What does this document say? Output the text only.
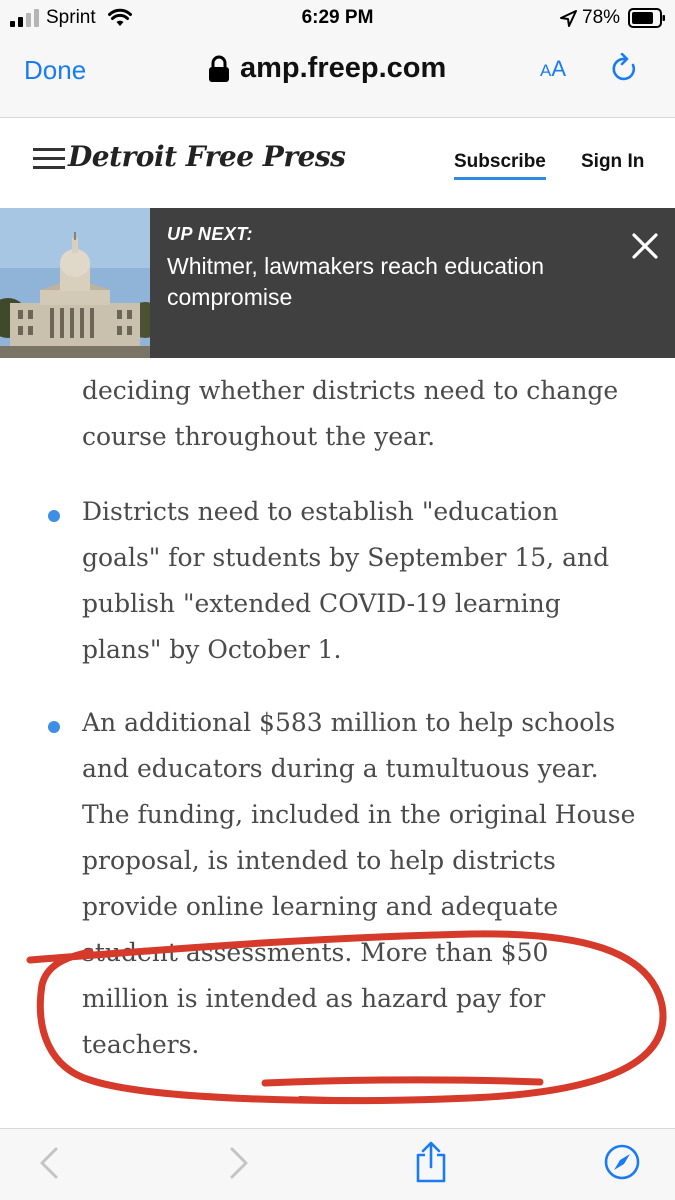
Sprint	6:29 PM	78%
Done	amp.freep.com	AA
Detroit Free Press	Subscribe Sign In
UP NEXT:
Whitmer, lawmakers reach education compromise

deciding whether districts need to change course throughout the year.

Districts need to establish "education goals" for students by September 15, and publish "extended COVID-19 learning plans" by October 1.

An additional $583 million to help schools and educators during a tumultuous year. The funding, included in the original House proposal, is intended to help districts provide online learning and adequate student assessments. More than $50 million is intended as hazard pay for teachers.
